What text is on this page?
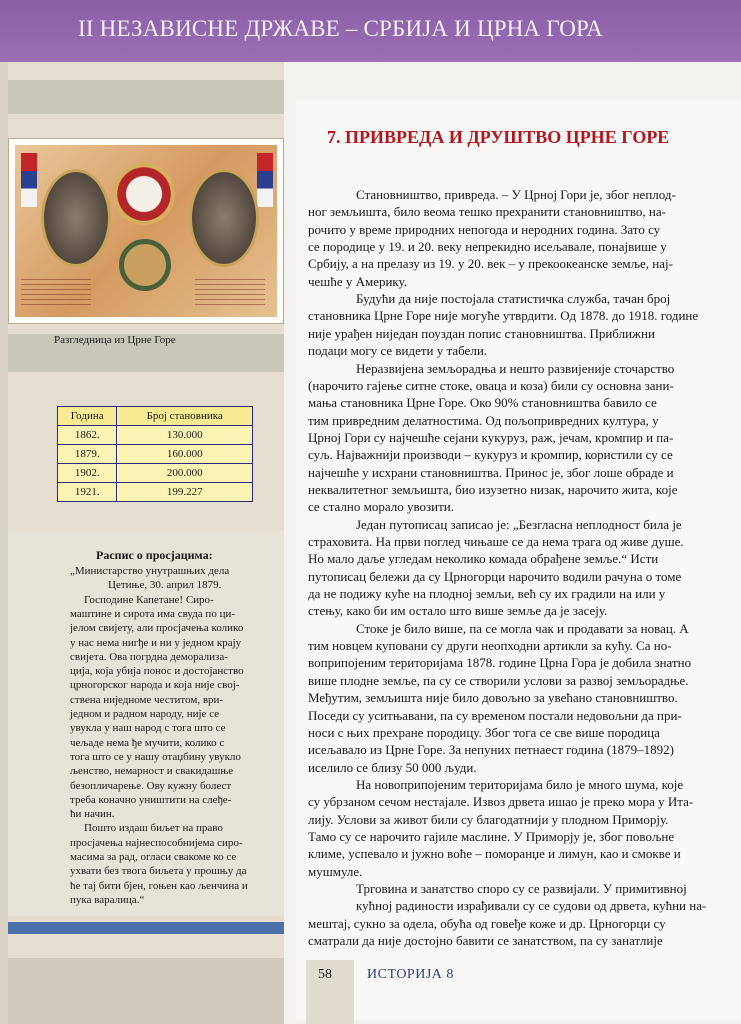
II НЕЗАВИСНЕ ДРЖАВЕ – СРБИЈА И ЦРНА ГОРА
Разгледница из Црне Горе
Година	Број становника
1862.	130.000
1879.	160.000
1902.	200.000
1921.	199.227
Распис о просјацима:
„Министарство унутрашњих дела
Цетиње, 30. април 1879.
Господине Капетане! Сиро-
маштине и сирота има свуда по ци-
јелом свијету, али просјачења колико
у нас нема нигђе и ни у једном крају
свијета. Ова погрдна деморализа-
ција, која убија понос и достојанство
црногорског народа и која није своj-
ствена ниједноме честитом, ври-
једном и радном народу, није се
увукла у наш народ с тога што се
чељаде нема ђе мучити, колико с
тога што се у нашу отаџбину увукло
љенство, немарност и свакидашње
безопличарење. Ову кужну болест
треба коначно уништити на слеђе-
ћи начин.
Пошто издаш биљет на право
просјачења најнеспособнијема сиро-
масима за рад, огласи свакоме ко се
ухвати без твога биљета у прошњу да
ће тај бити бјен, гоњен као љенчина и
пука варалица.“
7. ПРИВРЕДА И ДРУШТВО ЦРНЕ ГОРЕ
Становништво, привреда. – У Црној Гори је, због неплод-
ног земљишта, било веома тешко прехранити становништво, на-
рочито у време природних непогода и неродних година. Зато су
се породице у 19. и 20. веку непрекидно исељавале, понајвише у
Србију, а на прелазу из 19. у 20. век – у прекоокеанске земље, нај-
чешће у Америку.
Будући да није постојала статистичка служба, тачан број
становника Црне Горе није могуће утврдити. Од 1878. до 1918. године
није урађен ниједан поуздан попис становништва. Приближни
подаци могу се видети у табели.
Неразвијена земљорадња и нешто развијеније сточарство
(нарочито гајење ситне стоке, оваца и коза) били су основна зани-
мања становника Црне Горе. Око 90% становништва бавило се
тим привредним делатностима. Од пољопривредних култура, у
Црној Гори су најчешће сејани кукуруз, раж, јечам, кромпир и па-
суљ. Најважнији производи – кукуруз и кромпир, користили су се
најчешће у исхрани становништва. Принос је, због лоше обраде и
неквалитетног земљишта, био изузетно низак, нарочито жита, које
се стално морало увозити.
Један путописац записао је: „Безгласна неплодност била је
страховита. На први поглед чињаше се да нема трага од живе душе.
Но мало даље угледам неколико комада обрађене земље.“ Исти
путописац бележи да су Црногорци нарочито водили рачуна о томе
да не подижу куће на плодној земљи, већ су их градили на или у
стењу, како би им остало што више земље да је засеју.
Стоке је било више, па се могла чак и продавати за новац. А
тим новцем куповани су други неопходни артикли за кућу. Са но-
вoприпојеним територијама 1878. године Црна Гора је добила знатно
више плодне земље, па су се створили услови за развој земљорадње.
Међутим, земљишта није било довољно за увећано становништво.
Поседи су уситњавани, па су временом постали недовољни да при-
носи с њих прехране породицу. Због тога се све више породица
исељавало из Црне Горе. За непуних петнаест година (1879–1892)
иселило се близу 50 000 људи.
На новоприпојеним територијама било је много шума, које
су убрзаном сечом нестајале. Извоз дрвета ишао је преко мора у Ита-
лију. Услови за живот били су благодатнији у плодном Приморју.
Тамо су се нарочито гајиле маслине. У Приморју је, због повољне
климе, успевало и јужно воће – поморанџе и лимун, као и смокве и
мушмуле.
Трговина и занатство споро су се развијали. У примитивној
кућној радиности израђивали су се судови од дрвета, кућни на-
мештај, сукно за одела, обућа од говеђе коже и др. Црногорци су
сматрали да није достојно бавити се занатством, па су занатлије
58	ИСТОРИЈА 8
